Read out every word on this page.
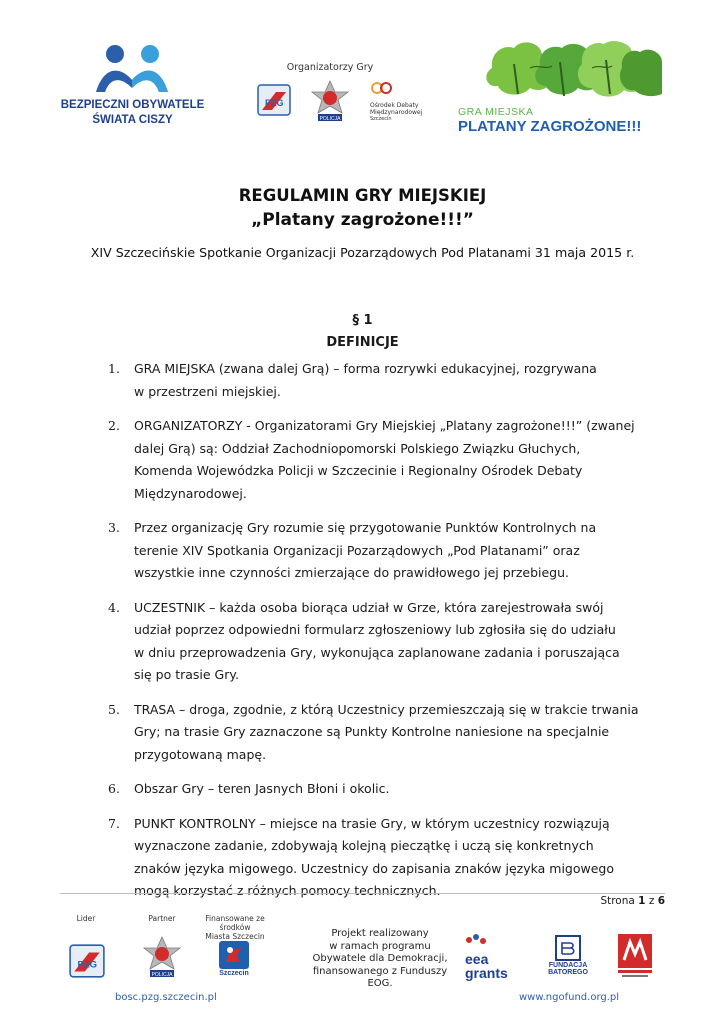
BEZPIECZNI OBYWATELE
ŚWIATA CISZY
Organizatorzy Gry
PZG
POLICJA
Ośrodek Debaty
Międzynarodowej
Szczecin
GRA MIEJSKA
PLATANY ZAGROŻONE!!!
REGULAMIN GRY MIEJSKIEJ
„Platany zagrożone!!!”
XIV Szczecińskie Spotkanie Organizacji Pozarządowych Pod Platanami 31 maja 2015 r.
§ 1
DEFINICJE
1. GRA MIEJSKA (zwana dalej Grą) – forma rozrywki edukacyjnej, rozgrywana
w przestrzeni miejskiej.
2. ORGANIZATORZY - Organizatorami Gry Miejskiej „Platany zagrożone!!!” (zwanej
dalej Grą) są: Oddział Zachodniopomorski Polskiego Związku Głuchych,
Komenda Wojewódzka Policji w Szczecinie i Regionalny Ośrodek Debaty
Międzynarodowej.
3. Przez organizację Gry rozumie się przygotowanie Punktów Kontrolnych na
terenie XIV Spotkania Organizacji Pozarządowych „Pod Platanami” oraz
wszystkie inne czynności zmierzające do prawidłowego jej przebiegu.
4. UCZESTNIK – każda osoba biorąca udział w Grze, która zarejestrowała swój
udział poprzez odpowiedni formularz zgłoszeniowy lub zgłosiła się do udziału
w dniu przeprowadzenia Gry, wykonująca zaplanowane zadania i poruszająca
się po trasie Gry.
5. TRASA – droga, zgodnie, z którą Uczestnicy przemieszczają się w trakcie trwania
Gry; na trasie Gry zaznaczone są Punkty Kontrolne naniesione na specjalnie
przygotowaną mapę.
6. Obszar Gry – teren Jasnych Błoni i okolic.
7. PUNKT KONTROLNY – miejsce na trasie Gry, w którym uczestnicy rozwiązują
wyznaczone zadanie, zdobywają kolejną pieczątkę i uczą się konkretnych
znaków języka migowego. Uczestnicy do zapisania znaków języka migowego
mogą korzystać z różnych pomocy technicznych.
Strona 1 z 6
Lider
PZG
Partner
POLICJA
Finansowane ze środków
Miasta Szczecin
Szczecin
Projekt realizowany
w ramach programu
Obywatele dla Demokracji,
finansowanego z Funduszy EOG.
eea
grants	FUNDACJA
BATOREGO
bosc.pzg.szczecin.pl	www.ngofund.org.pl
